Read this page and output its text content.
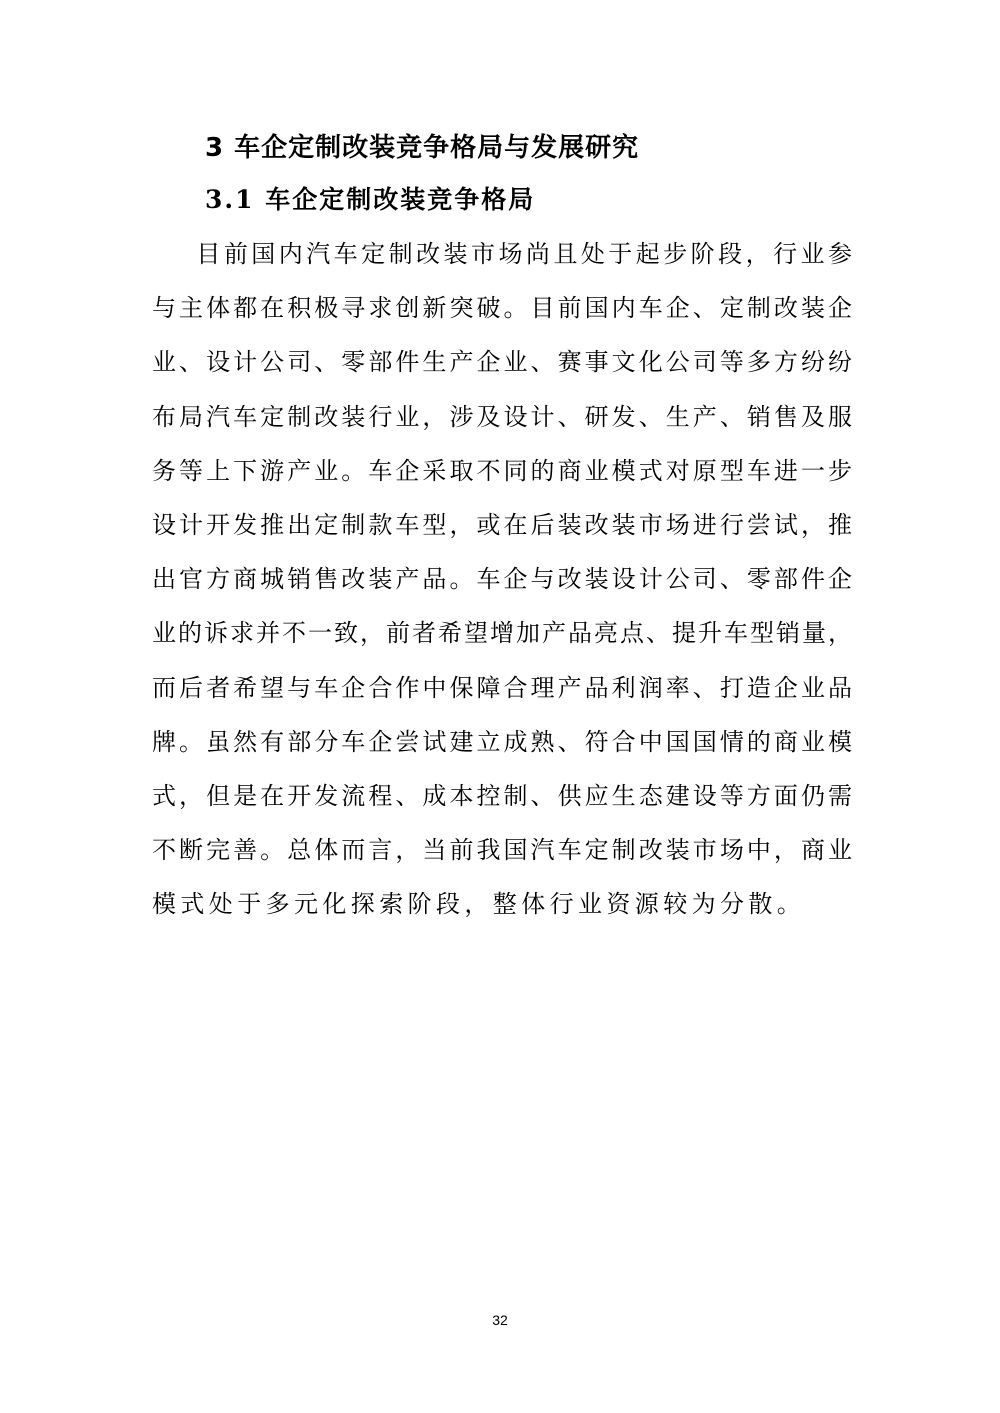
3 车企定制改装竞争格局与发展研究
3.1 车企定制改装竞争格局
目前国内汽车定制改装市场尚且处于起步阶段，行业参
与主体都在积极寻求创新突破。目前国内车企、定制改装企
业、设计公司、零部件生产企业、赛事文化公司等多方纷纷
布局汽车定制改装行业，涉及设计、研发、生产、销售及服
务等上下游产业。车企采取不同的商业模式对原型车进一步
设计开发推出定制款车型，或在后装改装市场进行尝试，推
出官方商城销售改装产品。车企与改装设计公司、零部件企
业的诉求并不一致，前者希望增加产品亮点、提升车型销量，
而后者希望与车企合作中保障合理产品利润率、打造企业品
牌。虽然有部分车企尝试建立成熟、符合中国国情的商业模
式，但是在开发流程、成本控制、供应生态建设等方面仍需
不断完善。总体而言，当前我国汽车定制改装市场中，商业
模式处于多元化探索阶段，整体行业资源较为分散。
32
